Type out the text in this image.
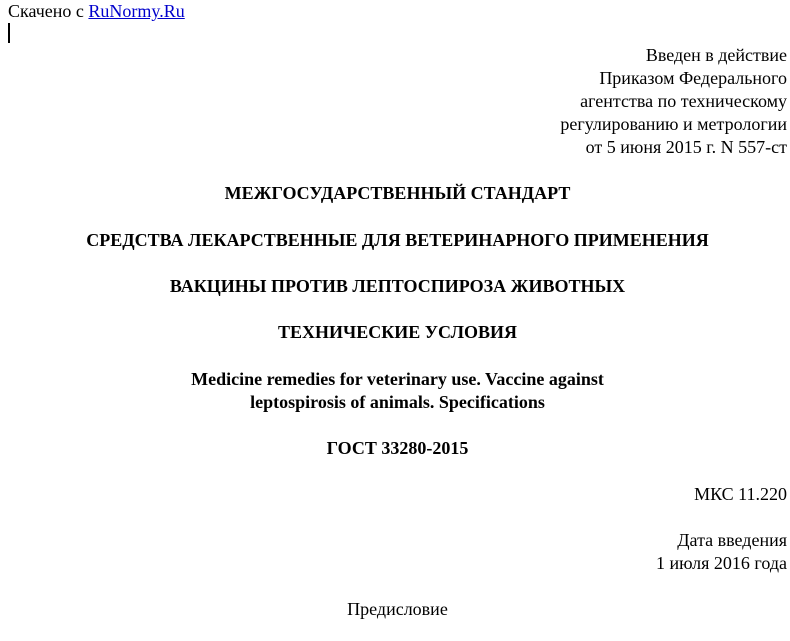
Скачено с RuNormy.Ru
Введен в действие
Приказом Федерального
агентства по техническому
регулированию и метрологии
от 5 июня 2015 г. N 557-ст
МЕЖГОСУДАРСТВЕННЫЙ СТАНДАРТ
СРЕДСТВА ЛЕКАРСТВЕННЫЕ ДЛЯ ВЕТЕРИНАРНОГО ПРИМЕНЕНИЯ
ВАКЦИНЫ ПРОТИВ ЛЕПТОСПИРОЗА ЖИВОТНЫХ
ТЕХНИЧЕСКИЕ УСЛОВИЯ
Medicine remedies for veterinary use. Vaccine against
leptospirosis of animals. Specifications
ГОСТ 33280-2015
МКС 11.220
Дата введения
1 июля 2016 года
Предисловие
